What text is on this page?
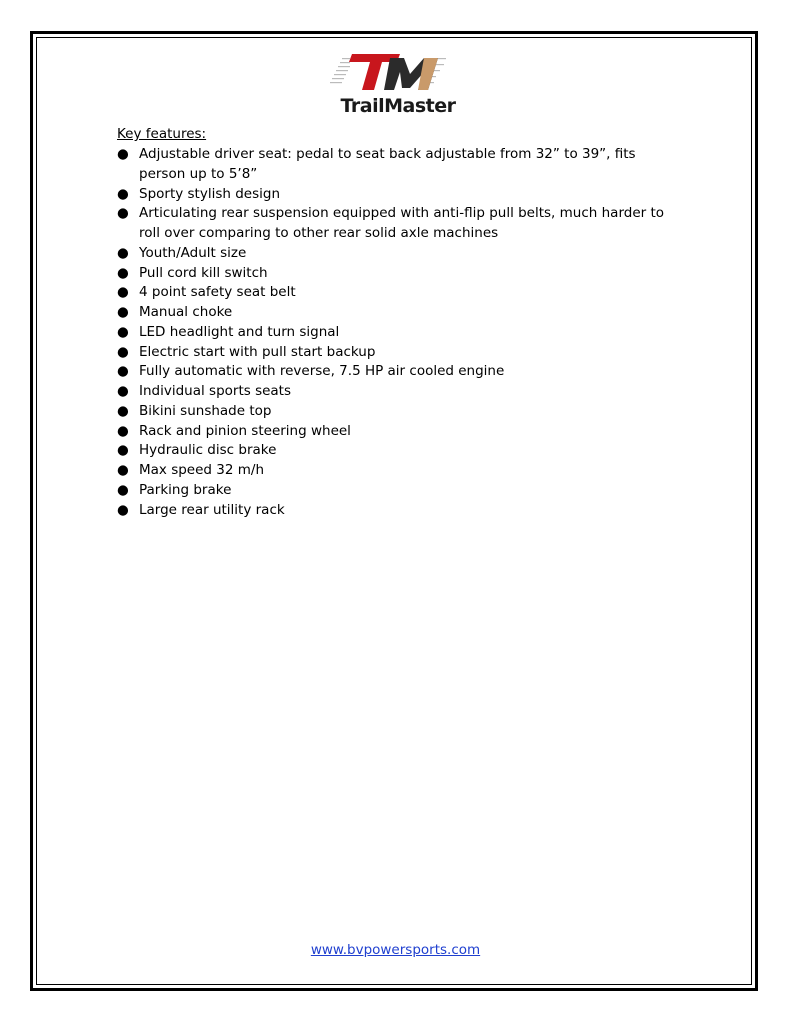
TrailMaster
Key features:
● Adjustable driver seat: pedal to seat back adjustable from 32” to 39”, fits person up to 5’8”
● Sporty stylish design
● Articulating rear suspension equipped with anti-flip pull belts, much harder to roll over comparing to other rear solid axle machines
● Youth/Adult size
● Pull cord kill switch
● 4 point safety seat belt
● Manual choke
● LED headlight and turn signal
● Electric start with pull start backup
● Fully automatic with reverse, 7.5 HP air cooled engine
● Individual sports seats
● Bikini sunshade top
● Rack and pinion steering wheel
● Hydraulic disc brake
● Max speed 32 m/h
● Parking brake
● Large rear utility rack
www.bvpowersports.com
